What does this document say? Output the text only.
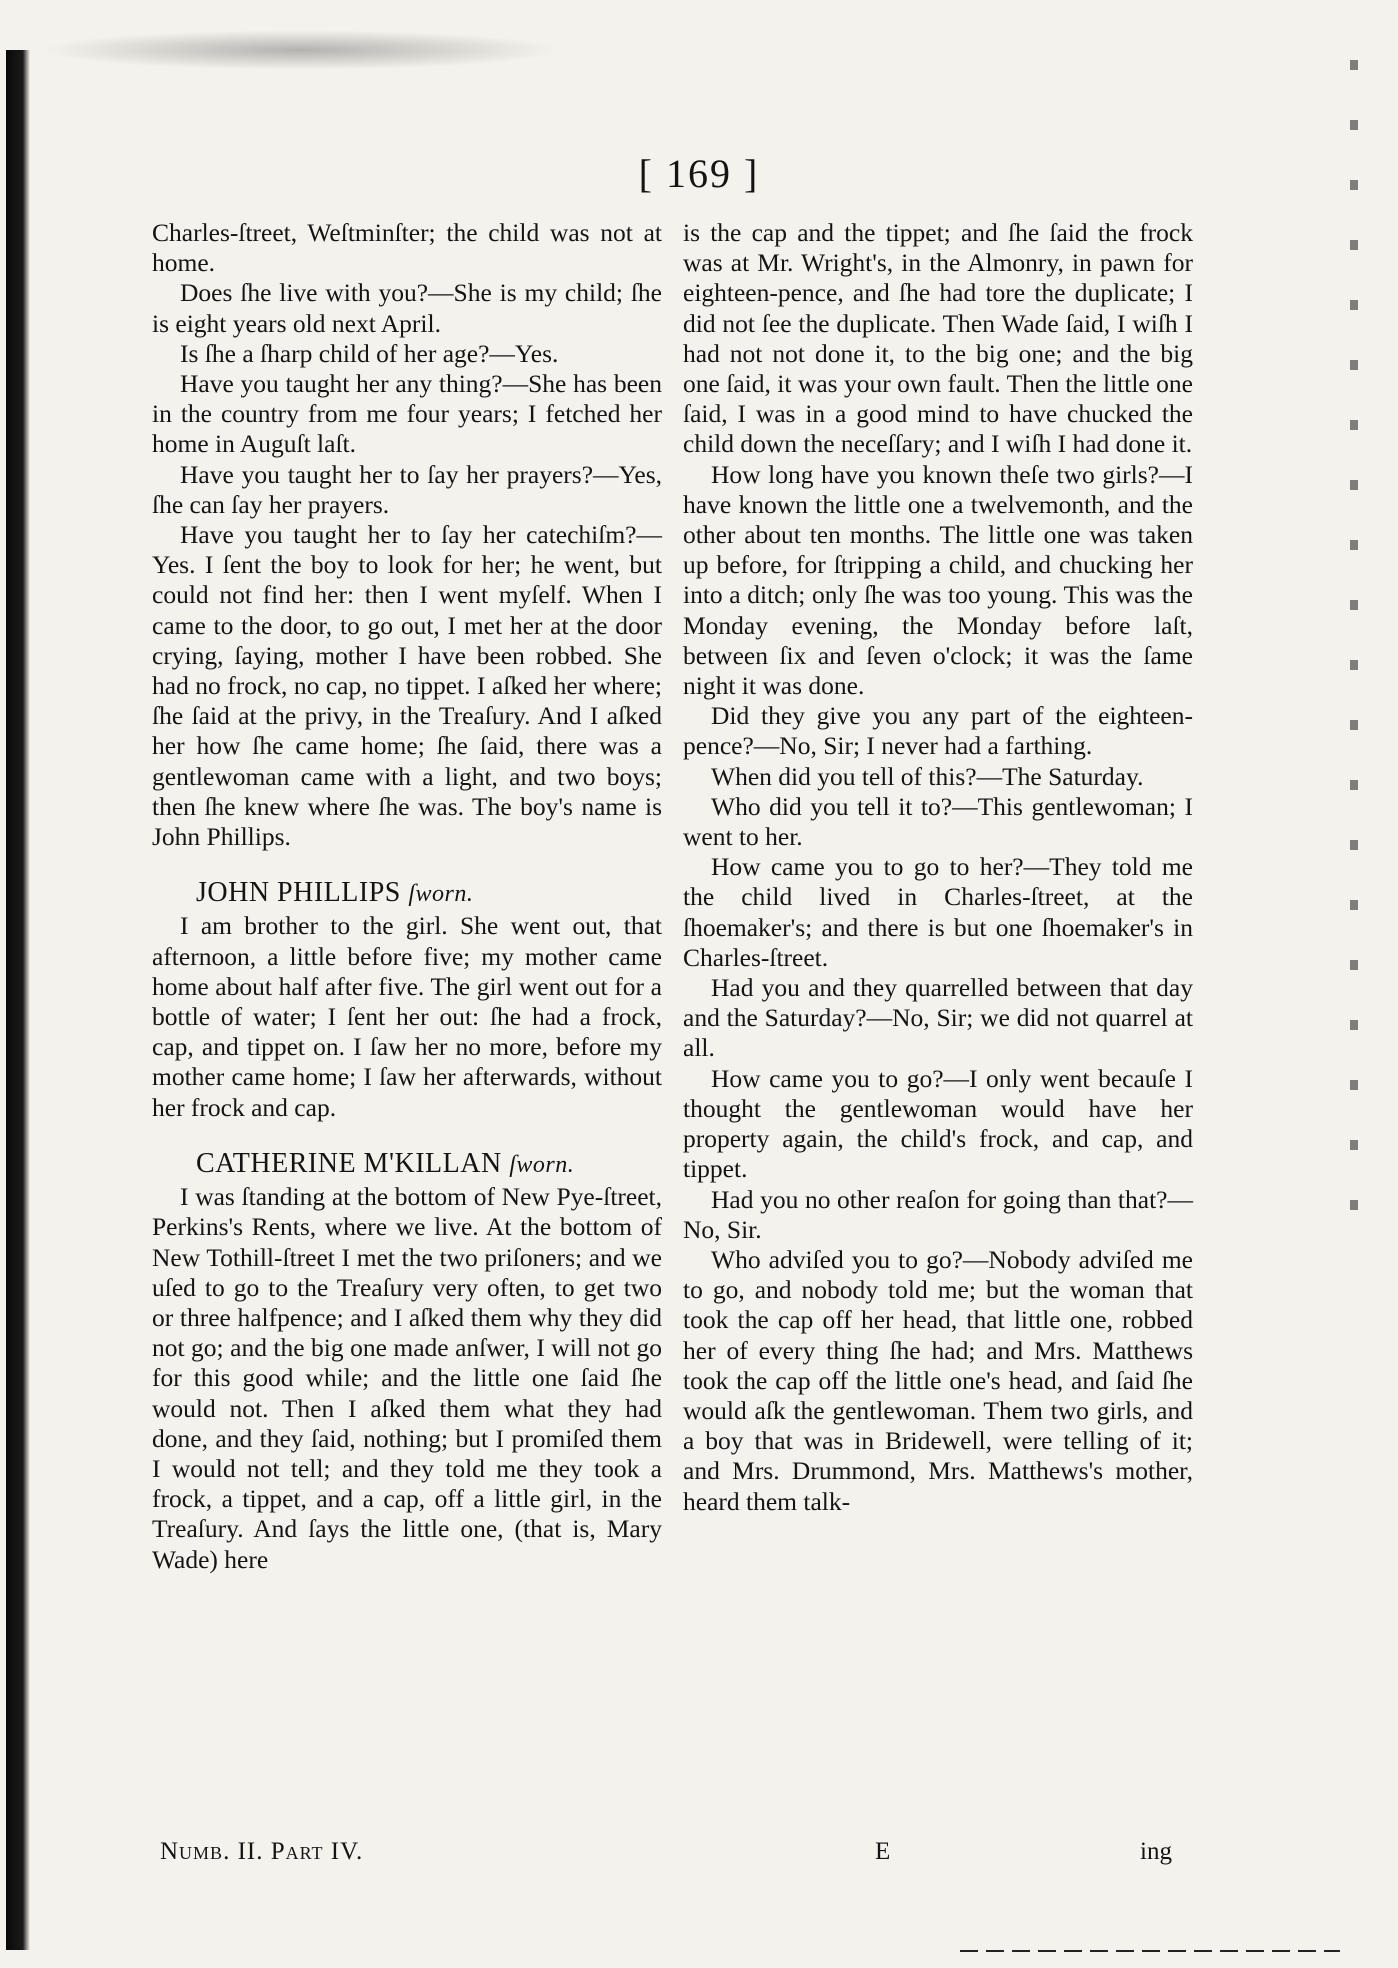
[ 169 ]

Charles-ſtreet, Weſtminſter; the child was not at home.

Does ſhe live with you?—She is my child; ſhe is eight years old next April.

Is ſhe a ſharp child of her age?—Yes.

Have you taught her any thing?—She has been in the country from me four years; I fetched her home in Auguſt laſt.

Have you taught her to ſay her prayers?—Yes, ſhe can ſay her prayers.

Have you taught her to ſay her catechiſm?—Yes. I ſent the boy to look for her; he went, but could not find her: then I went myſelf. When I came to the door, to go out, I met her at the door crying, ſaying, mother I have been robbed. She had no frock, no cap, no tippet. I aſked her where; ſhe ſaid at the privy, in the Treaſury. And I aſked her how ſhe came home; ſhe ſaid, there was a gentlewoman came with a light, and two boys; then ſhe knew where ſhe was. The boy's name is John Phillips.

JOHN PHILLIPS ſworn.

I am brother to the girl. She went out, that afternoon, a little before five; my mother came home about half after five. The girl went out for a bottle of water; I ſent her out: ſhe had a frock, cap, and tippet on. I ſaw her no more, before my mother came home; I ſaw her afterwards, without her frock and cap.

CATHERINE M'KILLAN ſworn.

I was ſtanding at the bottom of New Pye-ſtreet, Perkins's Rents, where we live. At the bottom of New Tothill-ſtreet I met the two priſoners; and we uſed to go to the Treaſury very often, to get two or three halfpence; and I aſked them why they did not go; and the big one made anſwer, I will not go for this good while; and the little one ſaid ſhe would not. Then I aſked them what they had done, and they ſaid, nothing; but I promiſed them I would not tell; and they told me they took a frock, a tippet, and a cap, off a little girl, in the Treaſury. And ſays the little one, (that is, Mary Wade) here

is the cap and the tippet; and ſhe ſaid the frock was at Mr. Wright's, in the Almonry, in pawn for eighteen-pence, and ſhe had tore the duplicate; I did not ſee the duplicate. Then Wade ſaid, I wiſh I had not not done it, to the big one; and the big one ſaid, it was your own fault. Then the little one ſaid, I was in a good mind to have chucked the child down the neceſſary; and I wiſh I had done it.

How long have you known theſe two girls?—I have known the little one a twelvemonth, and the other about ten months. The little one was taken up before, for ſtripping a child, and chucking her into a ditch; only ſhe was too young. This was the Monday evening, the Monday before laſt, between ſix and ſeven o'clock; it was the ſame night it was done.

Did they give you any part of the eighteen-pence?—No, Sir; I never had a farthing.

When did you tell of this?—The Saturday.

Who did you tell it to?—This gentlewoman; I went to her.

How came you to go to her?—They told me the child lived in Charles-ſtreet, at the ſhoemaker's; and there is but one ſhoemaker's in Charles-ſtreet.

Had you and they quarrelled between that day and the Saturday?—No, Sir; we did not quarrel at all.

How came you to go?—I only went becauſe I thought the gentlewoman would have her property again, the child's frock, and cap, and tippet.

Had you no other reaſon for going than that?—No, Sir.

Who adviſed you to go?—Nobody adviſed me to go, and nobody told me; but the woman that took the cap off her head, that little one, robbed her of every thing ſhe had; and Mrs. Matthews took the cap off the little one's head, and ſaid ſhe would aſk the gentlewoman. Them two girls, and a boy that was in Bridewell, were telling of it; and Mrs. Drummond, Mrs. Matthews's mother, heard them talk-

Numb. II. Part IV.	E	ing
